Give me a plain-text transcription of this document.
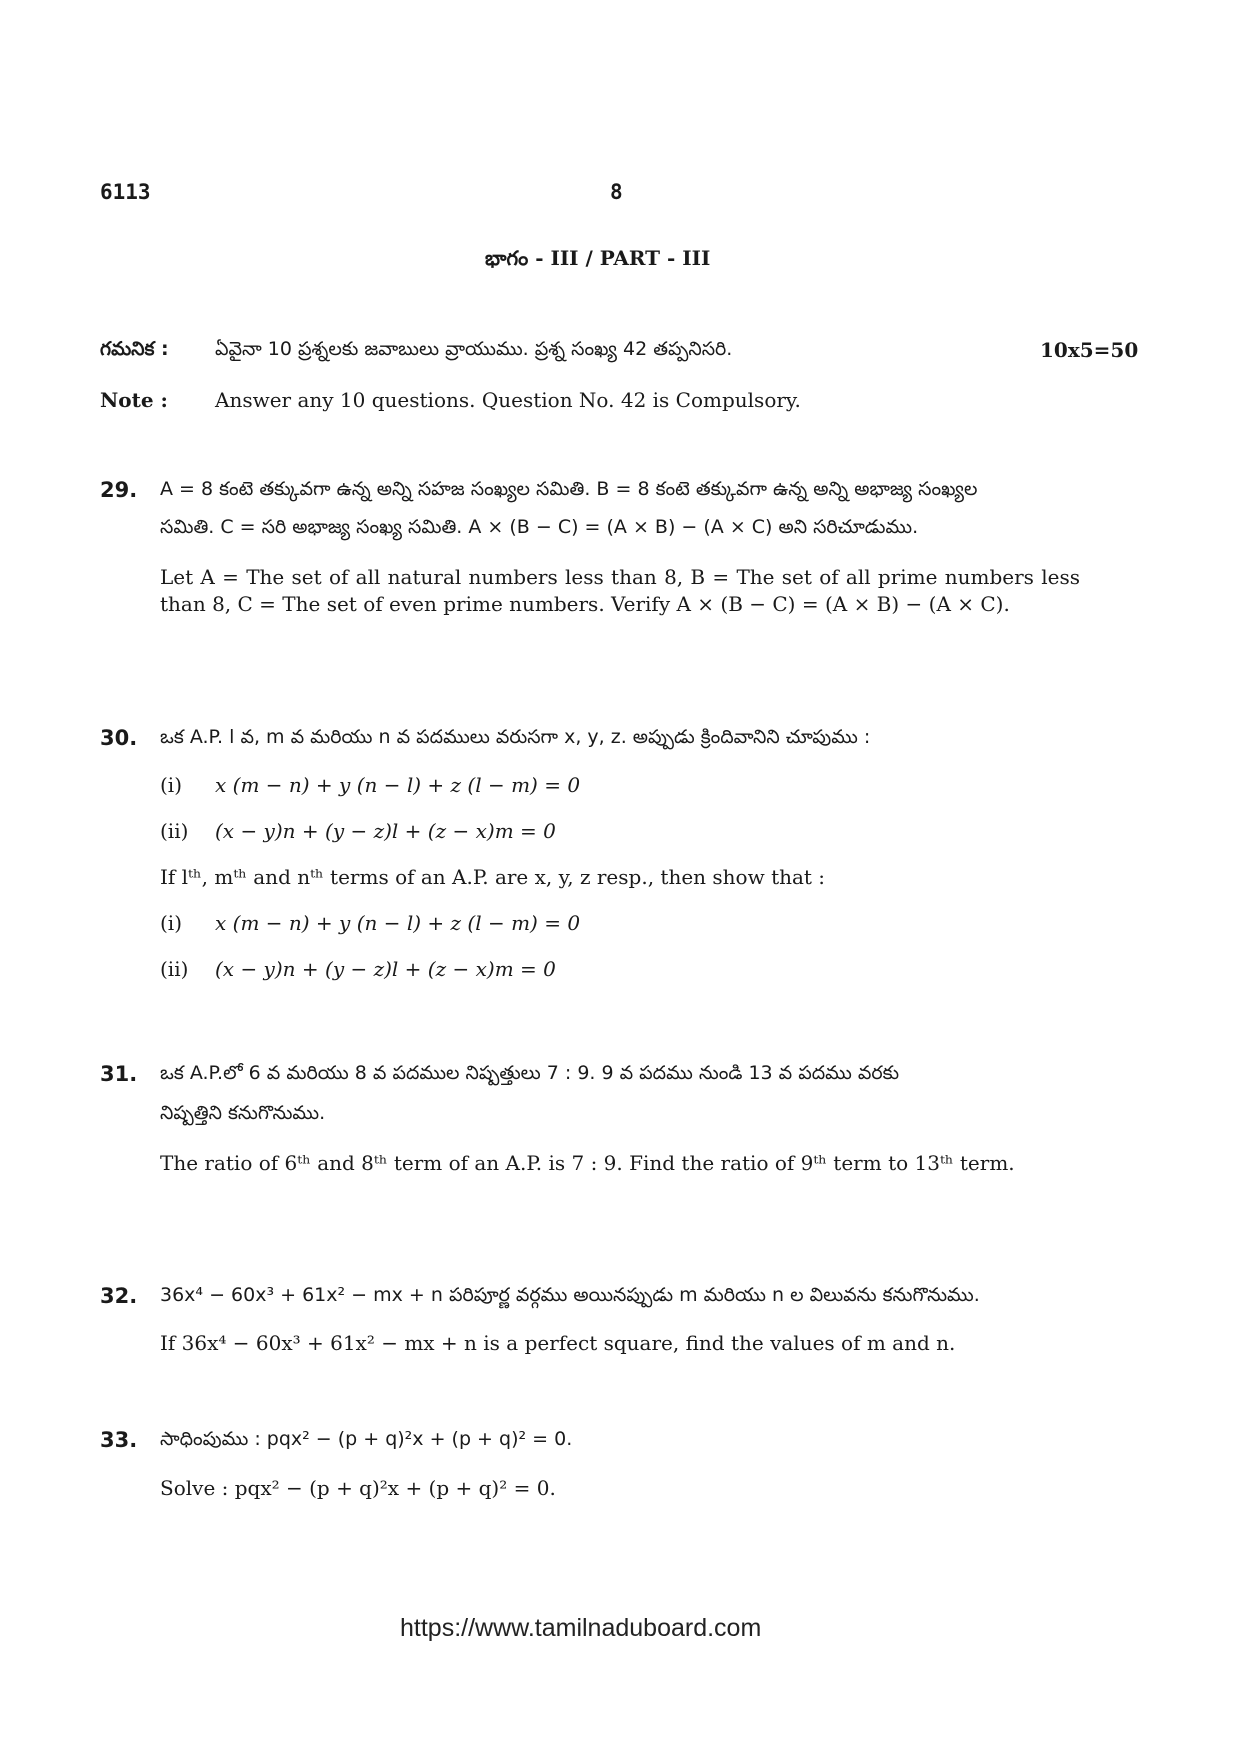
6113	8
భాగం - III / PART - III
గమనిక : ఏవైనా 10 ప్రశ్నలకు జవాబులు వ్రాయుము. ప్రశ్న సంఖ్య 42 తప్పనిసరి.	10x5=50
Note : Answer any 10 questions. Question No. 42 is Compulsory.
29. A = 8 కంటె తక్కువగా ఉన్న అన్ని సహజ సంఖ్యల సమితి. B = 8 కంటె తక్కువగా ఉన్న అన్ని అభాజ్య సంఖ్యల
సమితి. C = సరి అభాజ్య సంఖ్య సమితి. A × (B − C) = (A × B) − (A × C) అని సరిచూడుము.
Let A = The set of all natural numbers less than 8, B = The set of all prime numbers less than 8, C = The set of even prime numbers. Verify A × (B − C) = (A × B) − (A × C).
30. ఒక A.P. l వ, m వ మరియు n వ పదములు వరుసగా x, y, z. అప్పుడు క్రిందివానిని చూపుము :
(i) x (m − n) + y (n − l) + z (l − m) = 0
(ii) (x − y)n + (y − z)l + (z − x)m = 0
If lᵗʰ, mᵗʰ and nᵗʰ terms of an A.P. are x, y, z resp., then show that :
(i) x (m − n) + y (n − l) + z (l − m) = 0
(ii) (x − y)n + (y − z)l + (z − x)m = 0
31. ఒక A.P.లో 6 వ మరియు 8 వ పదముల నిష్పత్తులు 7 : 9. 9 వ పదము నుండి 13 వ పదము వరకు
నిష్పత్తిని కనుగొనుము.
The ratio of 6ᵗʰ and 8ᵗʰ term of an A.P. is 7 : 9. Find the ratio of 9ᵗʰ term to 13ᵗʰ term.
32. 36x⁴ − 60x³ + 61x² − mx + n పరిపూర్ణ వర్గము అయినప్పుడు m మరియు n ల విలువను కనుగొనుము.
If 36x⁴ − 60x³ + 61x² − mx + n is a perfect square, find the values of m and n.
33. సాధింపుము : pqx² − (p + q)²x + (p + q)² = 0.
Solve : pqx² − (p + q)²x + (p + q)² = 0.
https://www.tamilnaduboard.com
